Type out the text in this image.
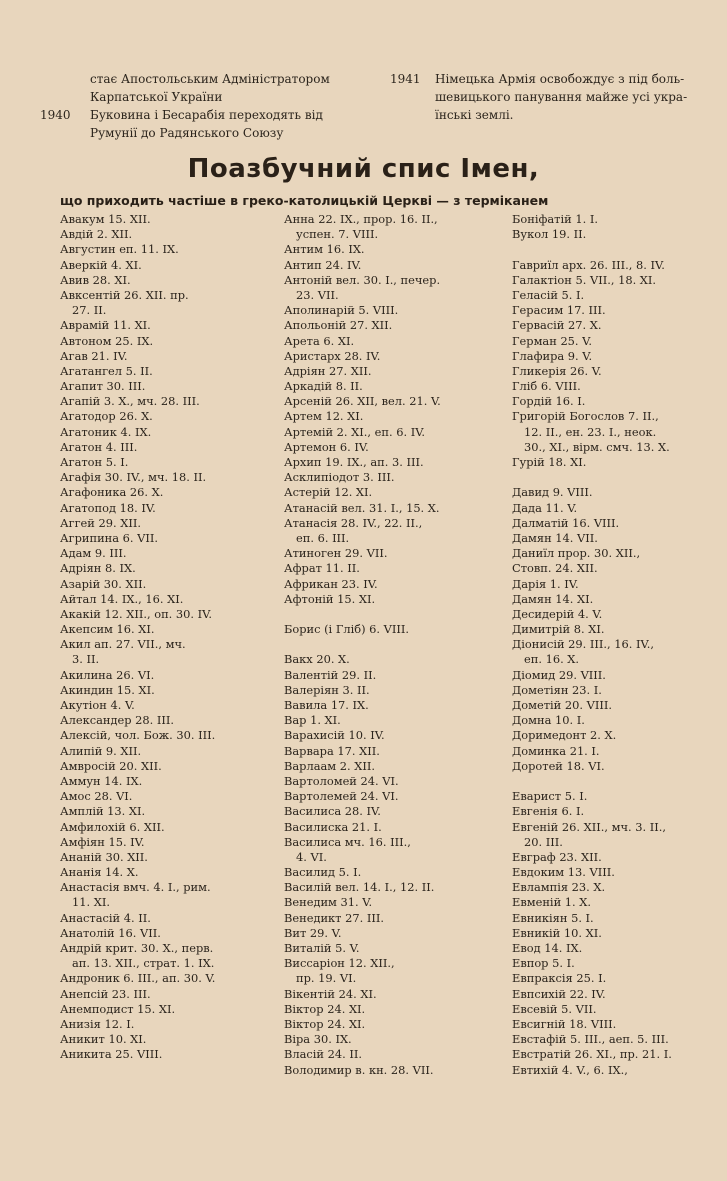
стає Апостольським Адміністратором
Карпатської України
1940 Буковина і Бесарабія переходять від
Румунії до Радянського Союзу
1941 Німецька Армія освобождує з під боль-
шевицького панування майже усі укра-
їнські землі.
Поазбучний спис Імен,
що приходить частіше в греко-католицькій Церкві — з терміканем
Авакум 15. XII.
Авдій 2. XII.
Авгуcтин еп. 11. IX.
Аверкій 4. XI.
Авив 28. XI.
Авксентій 26. XII. пр.
27. II.
Аврамій 11. XI.
Автоном 25. IX.
Агав 21. IV.
Агатангел 5. II.
Агапит 30. III.
Агапій 3. X., мч. 28. III.
Агатодор 26. X.
Агатоник 4. IX.
Агатон 4. III.
Агатон 5. I.
Агафія 30. IV., мч. 18. II.
Агафоника 26. X.
Агатопод 18. IV.
Аггей 29. XII.
Агрипина 6. VII.
Адам 9. III.
Адріян 8. IX.
Азарій 30. XII.
Айтал 14. IX., 16. XI.
Акакій 12. XII., оп. 30. IV.
Акепсим 16. XI.
Акил ап. 27. VII., мч.
3. II.
Акилина 26. VI.
Акиндин 15. XI.
Акутіон 4. V.
Александер 28. III.
Алексій, чол. Бож. 30. III.
Алипій 9. XII.
Амвросій 20. XII.
Аммун 14. IX.
Амос 28. VI.
Амплій 13. XI.
Амфилохій 6. XII.
Амфіян 15. IV.
Ананій 30. XII.
Ананія 14. X.
Анастасія вмч. 4. I., рим.
11. XI.
Анастасій 4. II.
Анатолій 16. VII.
Андрій крит. 30. X., перв.
ап. 13. XII., страт. 1. IX.
Андроник 6. III., ап. 30. V.
Анепсій 23. III.
Анемподист 15. XI.
Анизія 12. I.
Аникит 10. XI.
Аникита 25. VIII.
Анна 22. IX., прор. 16. II.,
успен. 7. VIII.
Антим 16. IX.
Антип 24. IV.
Антоній вел. 30. I., печер.
23. VII.
Аполинарій 5. VIII.
Апольоній 27. XII.
Арета 6. XI.
Аристарх 28. IV.
Адріян 27. XII.
Аркадій 8. II.
Арсеній 26. XII, вел. 21. V.
Артем 12. XI.
Артемій 2. XI., еп. 6. IV.
Артемон 6. IV.
Архип 19. IX., ап. 3. III.
Асклипіодот 3. III.
Астерій 12. XI.
Атанасій вел. 31. I., 15. X.
Атанасія 28. IV., 22. II.,
еп. 6. III.
Атиноген 29. VII.
Афрат 11. II.
Африкан 23. IV.
Афтоній 15. XI.
Борис (і Гліб) 6. VIII.
Вакх 20. X.
Валентій 29. II.
Валеріян 3. II.
Вавила 17. IX.
Вар 1. XI.
Варахисій 10. IV.
Варвара 17. XII.
Варлаам 2. XII.
Вартоломей 24. VI.
Вартолемей 24. VI.
Василиса 28. IV.
Василиска 21. I.
Василиса мч. 16. III.,
4. VI.
Василид 5. I.
Василій вел. 14. I., 12. II.
Венедим 31. V.
Венедикт 27. III.
Вит 29. V.
Виталій 5. V.
Виссаріон 12. XII.,
пр. 19. VI.
Вікентій 24. XI.
Віктор 24. XI.
Віктор 24. XI.
Віра 30. IX.
Власій 24. II.
Володимир в. кн. 28. VII.
Боніфатій 1. I.
Вукол 19. II.
Гавриїл арх. 26. III., 8. IV.
Галактіон 5. VII., 18. XI.
Гелaсій 5. I.
Герасим 17. III.
Гервасій 27. X.
Герман 25. V.
Глафира 9. V.
Гликерія 26. V.
Гліб 6. VIII.
Гордій 16. I.
Григорій Богослов 7. II.,
12. II., ен. 23. I., неок.
30., XI., вірм. смч. 13. X.
Гурій 18. XI.
Давид 9. VIII.
Дада 11. V.
Далматій 16. VIII.
Дамян 14. VII.
Даниїл прор. 30. XII.,
Стовп. 24. XII.
Дарія 1. IV.
Дамян 14. XI.
Десидерій 4. V.
Димитрій 8. XI.
Діонисій 29. III., 16. IV.,
еп. 16. X.
Діомид 29. VIII.
Дометіян 23. I.
Дометій 20. VIII.
Домна 10. I.
Доримедонт 2. X.
Доминка 21. I.
Доротей 18. VI.
Еварист 5. I.
Евгенія 6. I.
Евгеній 26. XII., мч. 3. II.,
20. III.
Евграф 23. XII.
Евдоким 13. VIII.
Евлампія 23. X.
Евменій 1. X.
Евникіян 5. I.
Евникій 10. XI.
Евод 14. IX.
Евпор 5. I.
Евпраксія 25. I.
Евпсихій 22. IV.
Евсевій 5. VII.
Евсигній 18. VIII.
Евстафій 5. III., аеп. 5. III.
Евстратій 26. XI., пр. 21. I.
Евтихій 4. V., 6. IX.,
